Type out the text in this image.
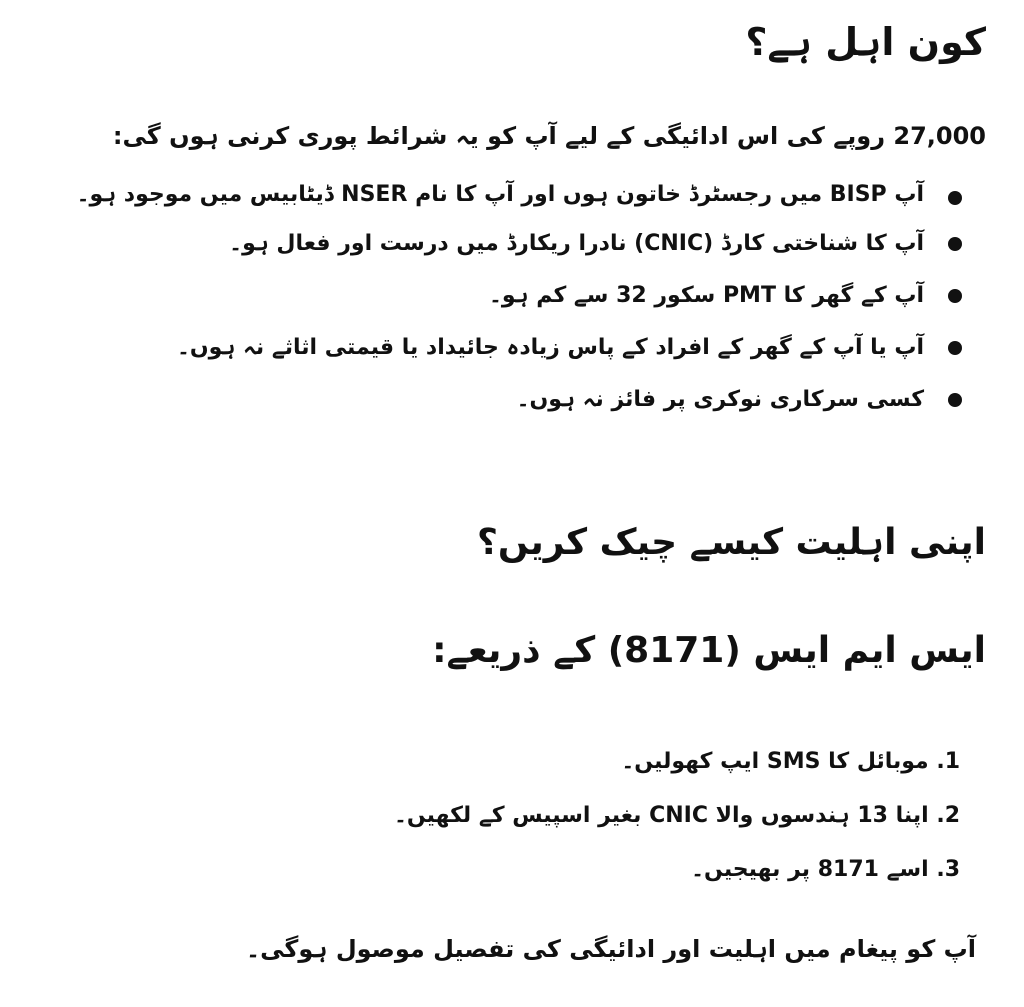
کون اہل ہے؟
27,000 روپے کی اس ادائیگی کے لیے آپ کو یہ شرائط پوری کرنی ہوں گی:
آپ BISP میں رجسٹرڈ خاتون ہوں اور آپ کا نام NSER ڈیٹابیس میں موجود ہو۔
آپ کا شناختی کارڈ (CNIC) نادرا ریکارڈ میں درست اور فعال ہو۔
آپ کے گھر کا PMT سکور 32 سے کم ہو۔
آپ یا آپ کے گھر کے افراد کے پاس زیادہ جائیداد یا قیمتی اثاثے نہ ہوں۔
کسی سرکاری نوکری پر فائز نہ ہوں۔
اپنی اہلیت کیسے چیک کریں؟
ایس ایم ایس (8171) کے ذریعے:
1. موبائل کا SMS ایپ کھولیں۔
2. اپنا 13 ہندسوں والا CNIC بغیر اسپیس کے لکھیں۔
3. اسے 8171 پر بھیجیں۔
آپ کو پیغام میں اہلیت اور ادائیگی کی تفصیل موصول ہوگی۔
